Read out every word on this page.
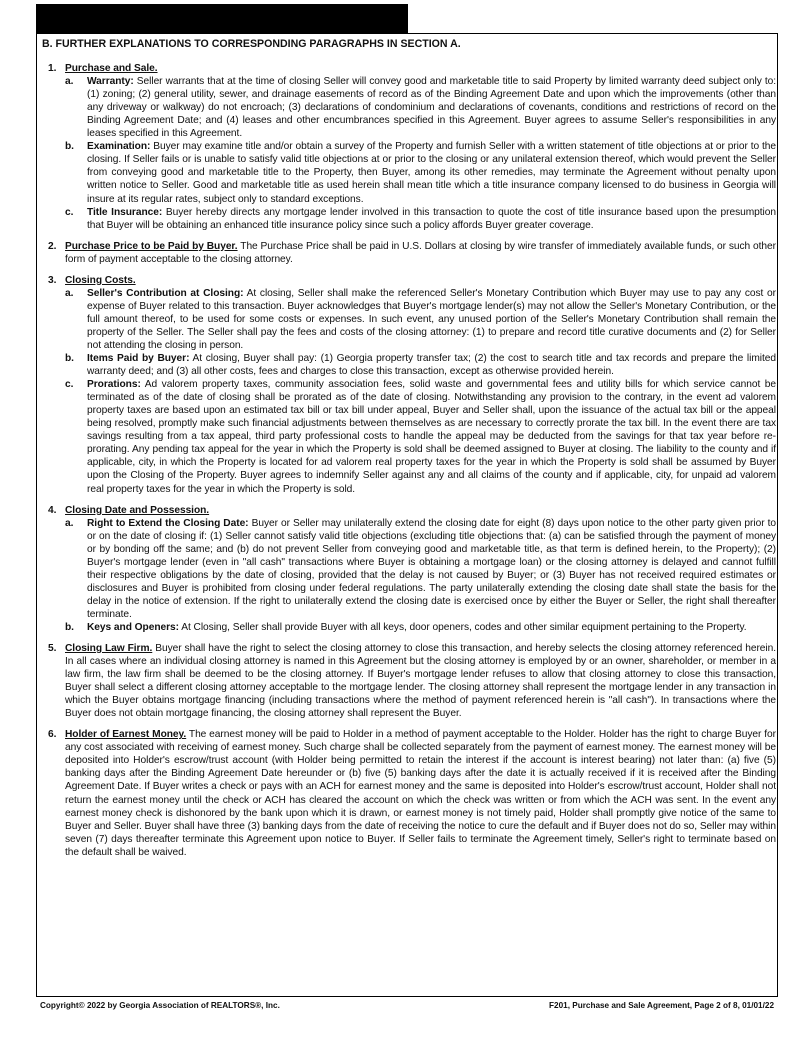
B. FURTHER EXPLANATIONS TO CORRESPONDING PARAGRAPHS IN SECTION A.
1. Purchase and Sale.
a. Warranty: Seller warrants that at the time of closing Seller will convey good and marketable title to said Property by limited warranty deed subject only to: (1) zoning; (2) general utility, sewer, and drainage easements of record as of the Binding Agreement Date and upon which the improvements (other than any driveway or walkway) do not encroach; (3) declarations of condominium and declarations of covenants, conditions and restrictions of record on the Binding Agreement Date; and (4) leases and other encumbrances specified in this Agreement. Buyer agrees to assume Seller's responsibilities in any leases specified in this Agreement.
b. Examination: Buyer may examine title and/or obtain a survey of the Property and furnish Seller with a written statement of title objections at or prior to the closing. If Seller fails or is unable to satisfy valid title objections at or prior to the closing or any unilateral extension thereof, which would prevent the Seller from conveying good and marketable title to the Property, then Buyer, among its other remedies, may terminate the Agreement without penalty upon written notice to Seller. Good and marketable title as used herein shall mean title which a title insurance company licensed to do business in Georgia will insure at its regular rates, subject only to standard exceptions.
c. Title Insurance: Buyer hereby directs any mortgage lender involved in this transaction to quote the cost of title insurance based upon the presumption that Buyer will be obtaining an enhanced title insurance policy since such a policy affords Buyer greater coverage.
2. Purchase Price to be Paid by Buyer. The Purchase Price shall be paid in U.S. Dollars at closing by wire transfer of immediately available funds, or such other form of payment acceptable to the closing attorney.
3. Closing Costs.
a. Seller's Contribution at Closing: At closing, Seller shall make the referenced Seller's Monetary Contribution which Buyer may use to pay any cost or expense of Buyer related to this transaction. Buyer acknowledges that Buyer's mortgage lender(s) may not allow the Seller's Monetary Contribution, or the full amount thereof, to be used for some costs or expenses. In such event, any unused portion of the Seller's Monetary Contribution shall remain the property of the Seller. The Seller shall pay the fees and costs of the closing attorney: (1) to prepare and record title curative documents and (2) for Seller not attending the closing in person.
b. Items Paid by Buyer: At closing, Buyer shall pay: (1) Georgia property transfer tax; (2) the cost to search title and tax records and prepare the limited warranty deed; and (3) all other costs, fees and charges to close this transaction, except as otherwise provided herein.
c. Prorations: Ad valorem property taxes, community association fees, solid waste and governmental fees and utility bills for which service cannot be terminated as of the date of closing shall be prorated as of the date of closing. Notwithstanding any provision to the contrary, in the event ad valorem property taxes are based upon an estimated tax bill or tax bill under appeal, Buyer and Seller shall, upon the issuance of the actual tax bill or the appeal being resolved, promptly make such financial adjustments between themselves as are necessary to correctly prorate the tax bill. In the event there are tax savings resulting from a tax appeal, third party professional costs to handle the appeal may be deducted from the savings for that tax year before re-prorating. Any pending tax appeal for the year in which the Property is sold shall be deemed assigned to Buyer at closing. The liability to the county and if applicable, city, in which the Property is located for ad valorem real property taxes for the year in which the Property is sold shall be assumed by Buyer upon the Closing of the Property. Buyer agrees to indemnify Seller against any and all claims of the county and if applicable, city, for unpaid ad valorem real property taxes for the year in which the Property is sold.
4. Closing Date and Possession.
a. Right to Extend the Closing Date: Buyer or Seller may unilaterally extend the closing date for eight (8) days upon notice to the other party given prior to or on the date of closing if: (1) Seller cannot satisfy valid title objections (excluding title objections that: (a) can be satisfied through the payment of money or by bonding off the same; and (b) do not prevent Seller from conveying good and marketable title, as that term is defined herein, to the Property); (2) Buyer's mortgage lender (even in "all cash" transactions where Buyer is obtaining a mortgage loan) or the closing attorney is delayed and cannot fulfill their respective obligations by the date of closing, provided that the delay is not caused by Buyer; or (3) Buyer has not received required estimates or disclosures and Buyer is prohibited from closing under federal regulations. The party unilaterally extending the closing date shall state the basis for the delay in the notice of extension. If the right to unilaterally extend the closing date is exercised once by either the Buyer or Seller, the right shall thereafter terminate.
b. Keys and Openers: At Closing, Seller shall provide Buyer with all keys, door openers, codes and other similar equipment pertaining to the Property.
5. Closing Law Firm. Buyer shall have the right to select the closing attorney to close this transaction, and hereby selects the closing attorney referenced herein. In all cases where an individual closing attorney is named in this Agreement but the closing attorney is employed by or an owner, shareholder, or member in a law firm, the law firm shall be deemed to be the closing attorney. If Buyer's mortgage lender refuses to allow that closing attorney to close this transaction, Buyer shall select a different closing attorney acceptable to the mortgage lender. The closing attorney shall represent the mortgage lender in any transaction in which the Buyer obtains mortgage financing (including transactions where the method of payment referenced herein is "all cash"). In transactions where the Buyer does not obtain mortgage financing, the closing attorney shall represent the Buyer.
6. Holder of Earnest Money. The earnest money will be paid to Holder in a method of payment acceptable to the Holder. Holder has the right to charge Buyer for any cost associated with receiving of earnest money. Such charge shall be collected separately from the payment of earnest money. The earnest money will be deposited into Holder's escrow/trust account (with Holder being permitted to retain the interest if the account is interest bearing) not later than: (a) five (5) banking days after the Binding Agreement Date hereunder or (b) five (5) banking days after the date it is actually received if it is received after the Binding Agreement Date. If Buyer writes a check or pays with an ACH for earnest money and the same is deposited into Holder's escrow/trust account, Holder shall not return the earnest money until the check or ACH has cleared the account on which the check was written or from which the ACH was sent. In the event any earnest money check is dishonored by the bank upon which it is drawn, or earnest money is not timely paid, Holder shall promptly give notice of the same to Buyer and Seller. Buyer shall have three (3) banking days from the date of receiving the notice to cure the default and if Buyer does not do so, Seller may within seven (7) days thereafter terminate this Agreement upon notice to Buyer. If Seller fails to terminate the Agreement timely, Seller's right to terminate based on the default shall be waived.
Copyright© 2022 by Georgia Association of REALTORS®, Inc.	F201, Purchase and Sale Agreement, Page 2 of 8, 01/01/22
